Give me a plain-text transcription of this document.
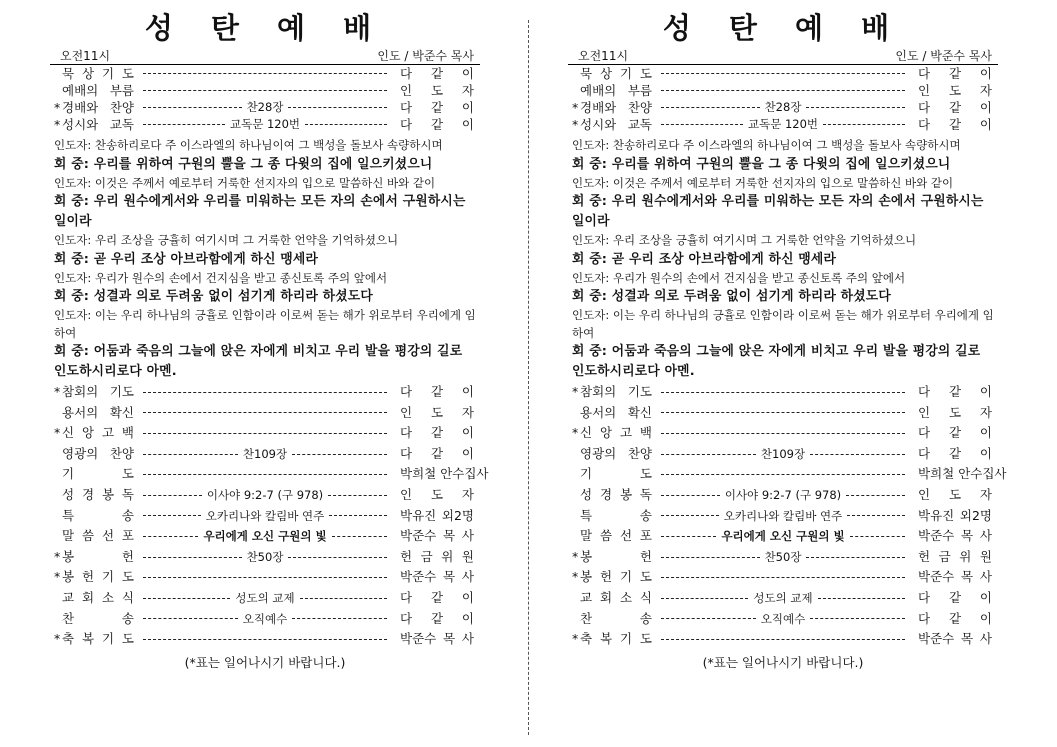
성 탄 예 배
오전11시	인도 / 박준수 목사
묵 상 기 도	다 같 이
예배의 부름	인 도 자
* 경배와 찬양	찬28장	다 같 이
* 성시와 교독	교독문 120번	다 같 이
인도자: 찬송하리로다 주 이스라엘의 하나님이여 그 백성을 돌보사 속량하시며
회 중: 우리를 위하여 구원의 뿔을 그 종 다윗의 집에 일으키셨으니
인도자: 이것은 주께서 예로부터 거룩한 선지자의 입으로 말씀하신 바와 같이
회 중: 우리 원수에게서와 우리를 미워하는 모든 자의 손에서 구원하시는 일이라
인도자: 우리 조상을 긍휼히 여기시며 그 거룩한 언약을 기억하셨으니
회 중: 곧 우리 조상 아브라함에게 하신 맹세라
인도자: 우리가 원수의 손에서 건지심을 받고 종신토록 주의 앞에서
회 중: 성결과 의로 두려움 없이 섬기게 하리라 하셨도다
인도자: 이는 우리 하나님의 긍휼로 인함이라 이로써 돋는 해가 위로부터 우리에게 임하여
회 중: 어둠과 죽음의 그늘에 앉은 자에게 비치고 우리 발을 평강의 길로 인도하시리로다 아멘.
* 참회의 기도	다 같 이
용서의 확신	인 도 자
* 신 앙 고 백	다 같 이
영광의 찬양	찬109장	다 같 이
기 도	박희철 안수집사
성 경 봉 독	이사야 9:2-7 (구 978)	인 도 자
특 송	오카리나와 칼림바 연주	박유진 외2명
말 씀 선 포	우리에게 오신 구원의 빛	박준수 목 사
* 봉 헌	찬50장	헌 금 위 원
* 봉 헌 기 도	박준수 목 사
교 회 소 식	성도의 교제	다 같 이
찬 송	오직예수	다 같 이
* 축 복 기 도	박준수 목 사
(*표는 일어나시기 바랍니다.)
성 탄 예 배
오전11시	인도 / 박준수 목사
묵 상 기 도	다 같 이
예배의 부름	인 도 자
* 경배와 찬양	찬28장	다 같 이
* 성시와 교독	교독문 120번	다 같 이
인도자: 찬송하리로다 주 이스라엘의 하나님이여 그 백성을 돌보사 속량하시며
회 중: 우리를 위하여 구원의 뿔을 그 종 다윗의 집에 일으키셨으니
인도자: 이것은 주께서 예로부터 거룩한 선지자의 입으로 말씀하신 바와 같이
회 중: 우리 원수에게서와 우리를 미워하는 모든 자의 손에서 구원하시는 일이라
인도자: 우리 조상을 긍휼히 여기시며 그 거룩한 언약을 기억하셨으니
회 중: 곧 우리 조상 아브라함에게 하신 맹세라
인도자: 우리가 원수의 손에서 건지심을 받고 종신토록 주의 앞에서
회 중: 성결과 의로 두려움 없이 섬기게 하리라 하셨도다
인도자: 이는 우리 하나님의 긍휼로 인함이라 이로써 돋는 해가 위로부터 우리에게 임하여
회 중: 어둠과 죽음의 그늘에 앉은 자에게 비치고 우리 발을 평강의 길로 인도하시리로다 아멘.
* 참회의 기도	다 같 이
용서의 확신	인 도 자
* 신 앙 고 백	다 같 이
영광의 찬양	찬109장	다 같 이
기 도	박희철 안수집사
성 경 봉 독	이사야 9:2-7 (구 978)	인 도 자
특 송	오카리나와 칼림바 연주	박유진 외2명
말 씀 선 포	우리에게 오신 구원의 빛	박준수 목 사
* 봉 헌	찬50장	헌 금 위 원
* 봉 헌 기 도	박준수 목 사
교 회 소 식	성도의 교제	다 같 이
찬 송	오직예수	다 같 이
* 축 복 기 도	박준수 목 사
(*표는 일어나시기 바랍니다.)
